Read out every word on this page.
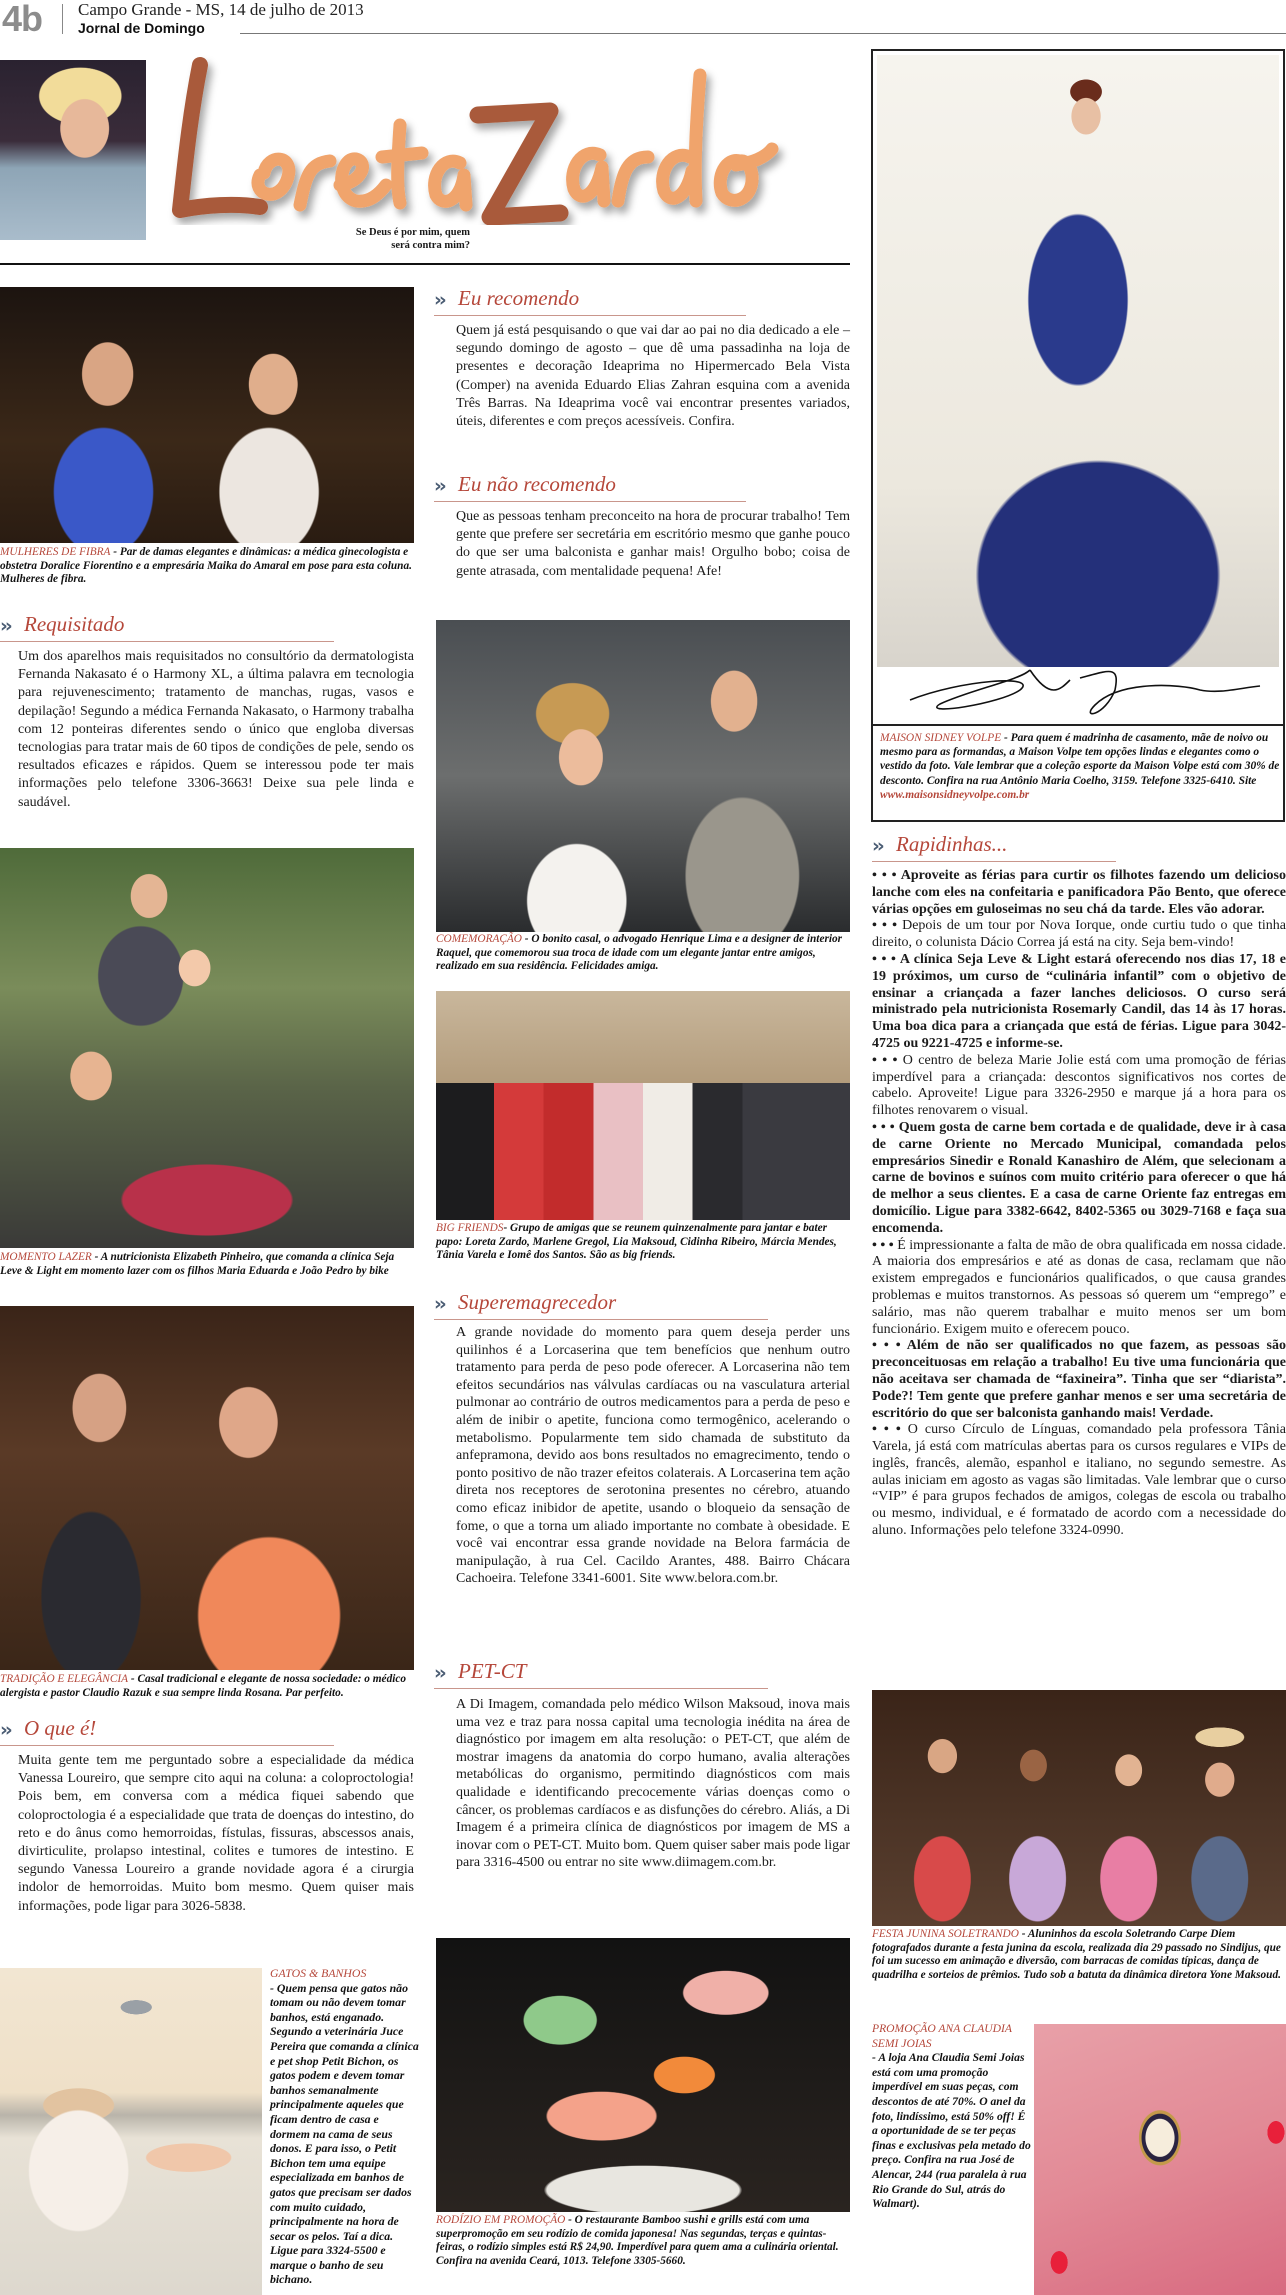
4b Campo Grande - MS, 14 de julho de 2013
Jornal de Domingo
Se Deus é por mim, quem
será contra mim?
MULHERES DE FIBRA - Par de damas elegantes e dinâmicas: a médica ginecologista e obstetra Doralice Fiorentino e a empresária Maika do Amaral em pose para esta coluna. Mulheres de fibra.
›› Requisitado
Um dos aparelhos mais requisitados no consultório da dermatologista Fernanda Nakasato é o Harmony XL, a última palavra em tecnologia para rejuvenescimento; tratamento de manchas, rugas, vasos e depilação! Segundo a médica Fernanda Nakasato, o Harmony trabalha com 12 ponteiras diferentes sendo o único que engloba diversas tecnologias para tratar mais de 60 tipos de condições de pele, sendo os resultados eficazes e rápidos. Quem se interessou pode ter mais informações pelo telefone 3306-3663! Deixe sua pele linda e saudável.
MOMENTO LAZER - A nutricionista Elizabeth Pinheiro, que comanda a clínica Seja Leve & Light em momento lazer com os filhos Maria Eduarda e João Pedro by bike
TRADIÇÃO E ELEGÂNCIA - Casal tradicional e elegante de nossa sociedade: o médico alergista e pastor Claudio Razuk e sua sempre linda Rosana. Par perfeito.
›› O que é!
Muita gente tem me perguntado sobre a especialidade da médica Vanessa Loureiro, que sempre cito aqui na coluna: a coloproctologia! Pois bem, em conversa com a médica fiquei sabendo que coloproctologia é a especialidade que trata de doenças do intestino, do reto e do ânus como hemorroidas, fístulas, fissuras, abscessos anais, divirticulite, prolapso intestinal, colites e tumores de intestino. E segundo Vanessa Loureiro a grande novidade agora é a cirurgia indolor de hemorroidas. Muito bom mesmo. Quem quiser mais informações, pode ligar para 3026-5838.
GATOS & BANHOS
- Quem pensa que gatos não tomam ou não devem tomar banhos, está enganado. Segundo a veterinária Juce Pereira que comanda a clínica e pet shop Petit Bichon, os gatos podem e devem tomar banhos semanalmente principalmente aqueles que ficam dentro de casa e dormem na cama de seus donos. E para isso, o Petit Bichon tem uma equipe especializada em banhos de gatos que precisam ser dados com muito cuidado, principalmente na hora de secar os pelos. Taí a dica. Ligue para 3324-5500 e marque o banho de seu bichano.
›› Eu recomendo
Quem já está pesquisando o que vai dar ao pai no dia dedicado a ele – segundo domingo de agosto – que dê uma passadinha na loja de presentes e decoração Ideaprima no Hipermercado Bela Vista (Comper) na avenida Eduardo Elias Zahran esquina com a avenida Três Barras. Na Ideaprima você vai encontrar presentes variados, úteis, diferentes e com preços acessíveis. Confira.
›› Eu não recomendo
Que as pessoas tenham preconceito na hora de procurar trabalho! Tem gente que prefere ser secretária em escritório mesmo que ganhe pouco do que ser uma balconista e ganhar mais! Orgulho bobo; coisa de gente atrasada, com mentalidade pequena! Afe!
COMEMORAÇÃO - O bonito casal, o advogado Henrique Lima e a designer de interior Raquel, que comemorou sua troca de idade com um elegante jantar entre amigos, realizado em sua residência. Felicidades amiga.
BIG FRIENDS- Grupo de amigas que se reunem quinzenalmente para jantar e bater papo: Loreta Zardo, Marlene Gregol, Lia Maksoud, Cidinha Ribeiro, Márcia Mendes, Tânia Varela e Iomê dos Santos. São as big friends.
›› Superemagrecedor
A grande novidade do momento para quem deseja perder uns quilinhos é a Lorcaserina que tem benefícios que nenhum outro tratamento para perda de peso pode oferecer. A Lorcaserina não tem efeitos secundários nas válvulas cardíacas ou na vasculatura arterial pulmonar ao contrário de outros medicamentos para a perda de peso e além de inibir o apetite, funciona como termogênico, acelerando o metabolismo. Popularmente tem sido chamada de substituto da anfepramona, devido aos bons resultados no emagrecimento, tendo o ponto positivo de não trazer efeitos colaterais. A Lorcaserina tem ação direta nos receptores de serotonina presentes no cérebro, atuando como eficaz inibidor de apetite, usando o bloqueio da sensação de fome, o que a torna um aliado importante no combate à obesidade. E você vai encontrar essa grande novidade na Belora farmácia de manipulação, à rua Cel. Cacildo Arantes, 488. Bairro Chácara Cachoeira. Telefone 3341-6001. Site www.belora.com.br.
›› PET-CT
A Di Imagem, comandada pelo médico Wilson Maksoud, inova mais uma vez e traz para nossa capital uma tecnologia inédita na área de diagnóstico por imagem em alta resolução: o PET-CT, que além de mostrar imagens da anatomia do corpo humano, avalia alterações metabólicas do organismo, permitindo diagnósticos com mais qualidade e identificando precocemente várias doenças como o câncer, os problemas cardíacos e as disfunções do cérebro. Aliás, a Di Imagem é a primeira clínica de diagnósticos por imagem de MS a inovar com o PET-CT. Muito bom. Quem quiser saber mais pode ligar para 3316-4500 ou entrar no site www.diimagem.com.br.
RODÍZIO EM PROMOÇÃO - O restaurante Bamboo sushi e grills está com uma superpromoção em seu rodízio de comida japonesa! Nas segundas, terças e quintas-feiras, o rodízio simples está R$ 24,90. Imperdível para quem ama a culinária oriental. Confira na avenida Ceará, 1013. Telefone 3305-5660.
MAISON SIDNEY VOLPE - Para quem é madrinha de casamento, mãe de noivo ou mesmo para as formandas, a Maison Volpe tem opções lindas e elegantes como o vestido da foto. Vale lembrar que a coleção esporte da Maison Volpe está com 30% de desconto. Confira na rua Antônio Maria Coelho, 3159. Telefone 3325-6410. Site www.maisonsidneyvolpe.com.br
›› Rapidinhas...

• • • Aproveite as férias para curtir os filhotes fazendo um delicioso lanche com eles na confeitaria e panificadora Pão Bento, que oferece várias opções em guloseimas no seu chá da tarde. Eles vão adorar.

• • • Depois de um tour por Nova Iorque, onde curtiu tudo o que tinha direito, o colunista Dácio Correa já está na city. Seja bem-vindo!

• • • A clínica Seja Leve & Light estará oferecendo nos dias 17, 18 e 19 próximos, um curso de “culinária infantil” com o objetivo de ensinar a criançada a fazer lanches deliciosos. O curso será ministrado pela nutricionista Rosemarly Candil, das 14 às 17 horas. Uma boa dica para a criançada que está de férias. Ligue para 3042-4725 ou 9221-4725 e informe-se.

• • • O centro de beleza Marie Jolie está com uma promoção de férias imperdível para a criançada: descontos significativos nos cortes de cabelo. Aproveite! Ligue para 3326-2950 e marque já a hora para os filhotes renovarem o visual.

• • • Quem gosta de carne bem cortada e de qualidade, deve ir à casa de carne Oriente no Mercado Municipal, comandada pelos empresários Sinedir e Ronald Kanashiro de Além, que selecionam a carne de bovinos e suínos com muito critério para oferecer o que há de melhor a seus clientes. E a casa de carne Oriente faz entregas em domicílio. Ligue para 3382-6642, 8402-5365 ou 3029-7168 e faça sua encomenda.

• • • É impressionante a falta de mão de obra qualificada em nossa cidade. A maioria dos empresários e até as donas de casa, reclamam que não existem empregados e funcionários qualificados, o que causa grandes problemas e muitos transtornos. As pessoas só querem um “emprego” e salário, mas não querem trabalhar e muito menos ser um bom funcionário. Exigem muito e oferecem pouco.

• • • Além de não ser qualificados no que fazem, as pessoas são preconceituosas em relação a trabalho! Eu tive uma funcionária que não aceitava ser chamada de “faxineira”. Tinha que ser “diarista”. Pode?! Tem gente que prefere ganhar menos e ser uma secretária de escritório do que ser balconista ganhando mais! Verdade.

• • • O curso Círculo de Línguas, comandado pela professora Tânia Varela, já está com matrículas abertas para os cursos regulares e VIPs de inglês, francês, alemão, espanhol e italiano, no segundo semestre. As aulas iniciam em agosto as vagas são limitadas. Vale lembrar que o curso “VIP” é para grupos fechados de amigos, colegas de escola ou trabalho ou mesmo, individual, e é formatado de acordo com a necessidade do aluno. Informações pelo telefone 3324-0990.

FESTA JUNINA SOLETRANDO - Aluninhos da escola Soletrando Carpe Diem fotografados durante a festa junina da escola, realizada dia 29 passado no Sindijus, que foi um sucesso em animação e diversão, com barracas de comidas típicas, dança de quadrilha e sorteios de prêmios. Tudo sob a batuta da dinâmica diretora Yone Maksoud.
PROMOÇÃO ANA CLAUDIA SEMI JOIAS
- A loja Ana Claudia Semi Joias está com uma promoção imperdível em suas peças, com descontos de até 70%. O anel da foto, lindíssimo, está 50% off! É a oportunidade de se ter peças finas e exclusivas pela metado do preço. Confira na rua José de Alencar, 244 (rua paralela à rua Rio Grande do Sul, atrás do Walmart).
